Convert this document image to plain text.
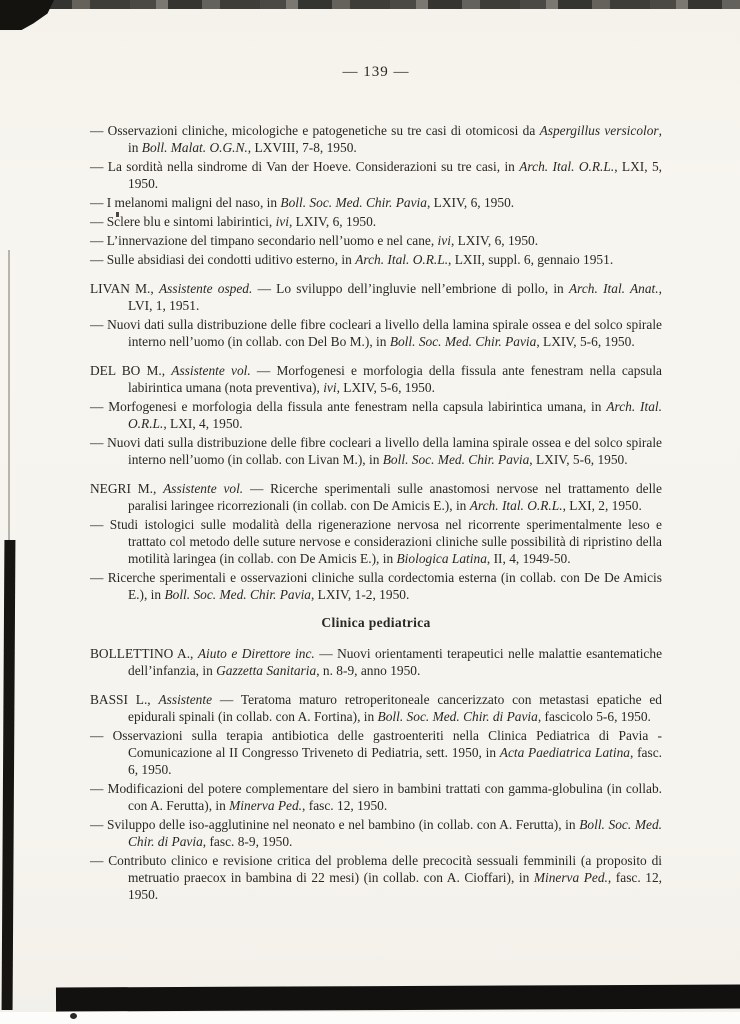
— 139 —

— Osservazioni cliniche, micologiche e patogenetiche su tre casi di otomicosi da Aspergillus versicolor, in Boll. Malat. O.G.N., LXVIII, 7-8, 1950.

— La sordità nella sindrome di Van der Hoeve. Considerazioni su tre casi, in Arch. Ital. O.R.L., LXI, 5, 1950.

— I melanomi maligni del naso, in Boll. Soc. Med. Chir. Pavia, LXIV, 6, 1950.

— Sclere blu e sintomi labirintici, ivi, LXIV, 6, 1950.

— L’innervazione del timpano secondario nell’uomo e nel cane, ivi, LXIV, 6, 1950.

— Sulle absidiasi dei condotti uditivo esterno, in Arch. Ital. O.R.L., LXII, suppl. 6, gennaio 1951.

LIVAN M., Assistente osped. — Lo sviluppo dell’ingluvie nell’embrione di pollo, in Arch. Ital. Anat., LVI, 1, 1951.

— Nuovi dati sulla distribuzione delle fibre cocleari a livello della lamina spirale ossea e del solco spirale interno nell’uomo (in collab. con Del Bo M.), in Boll. Soc. Med. Chir. Pavia, LXIV, 5-6, 1950.

DEL BO M., Assistente vol. — Morfogenesi e morfologia della fissula ante fenestram nella capsula labirintica umana (nota preventiva), ivi, LXIV, 5-6, 1950.

— Morfogenesi e morfologia della fissula ante fenestram nella capsula labirintica umana, in Arch. Ital. O.R.L., LXI, 4, 1950.

— Nuovi dati sulla distribuzione delle fibre cocleari a livello della lamina spirale ossea e del solco spirale interno nell’uomo (in collab. con Livan M.), in Boll. Soc. Med. Chir. Pavia, LXIV, 5-6, 1950.

NEGRI M., Assistente vol. — Ricerche sperimentali sulle anastomosi nervose nel trattamento delle paralisi laringee ricorrezionali (in collab. con De Amicis E.), in Arch. Ital. O.R.L., LXI, 2, 1950.

— Studi istologici sulle modalità della rigenerazione nervosa nel ricorrente sperimentalmente leso e trattato col metodo delle suture nervose e considerazioni cliniche sulle possibilità di ripristino della motilità laringea (in collab. con De Amicis E.), in Biologica Latina, II, 4, 1949-50.

— Ricerche sperimentali e osservazioni cliniche sulla cordectomia esterna (in collab. con De De Amicis E.), in Boll. Soc. Med. Chir. Pavia, LXIV, 1-2, 1950.

Clinica pediatrica

BOLLETTINO A., Aiuto e Direttore inc. — Nuovi orientamenti terapeutici nelle malattie esantematiche dell’infanzia, in Gazzetta Sanitaria, n. 8-9, anno 1950.

BASSI L., Assistente — Teratoma maturo retroperitoneale cancerizzato con metastasi epatiche ed epidurali spinali (in collab. con A. Fortina), in Boll. Soc. Med. Chir. di Pavia, fascicolo 5-6, 1950.

— Osservazioni sulla terapia antibiotica delle gastroenteriti nella Clinica Pediatrica di Pavia - Comunicazione al II Congresso Triveneto di Pediatria, sett. 1950, in Acta Paediatrica Latina, fasc. 6, 1950.

— Modificazioni del potere complementare del siero in bambini trattati con gamma-globulina (in collab. con A. Ferutta), in Minerva Ped., fasc. 12, 1950.

— Sviluppo delle iso-agglutinine nel neonato e nel bambino (in collab. con A. Ferutta), in Boll. Soc. Med. Chir. di Pavia, fasc. 8-9, 1950.

— Contributo clinico e revisione critica del problema delle precocità sessuali femminili (a proposito di metruatio praecox in bambina di 22 mesi) (in collab. con A. Cioffari), in Minerva Ped., fasc. 12, 1950.
